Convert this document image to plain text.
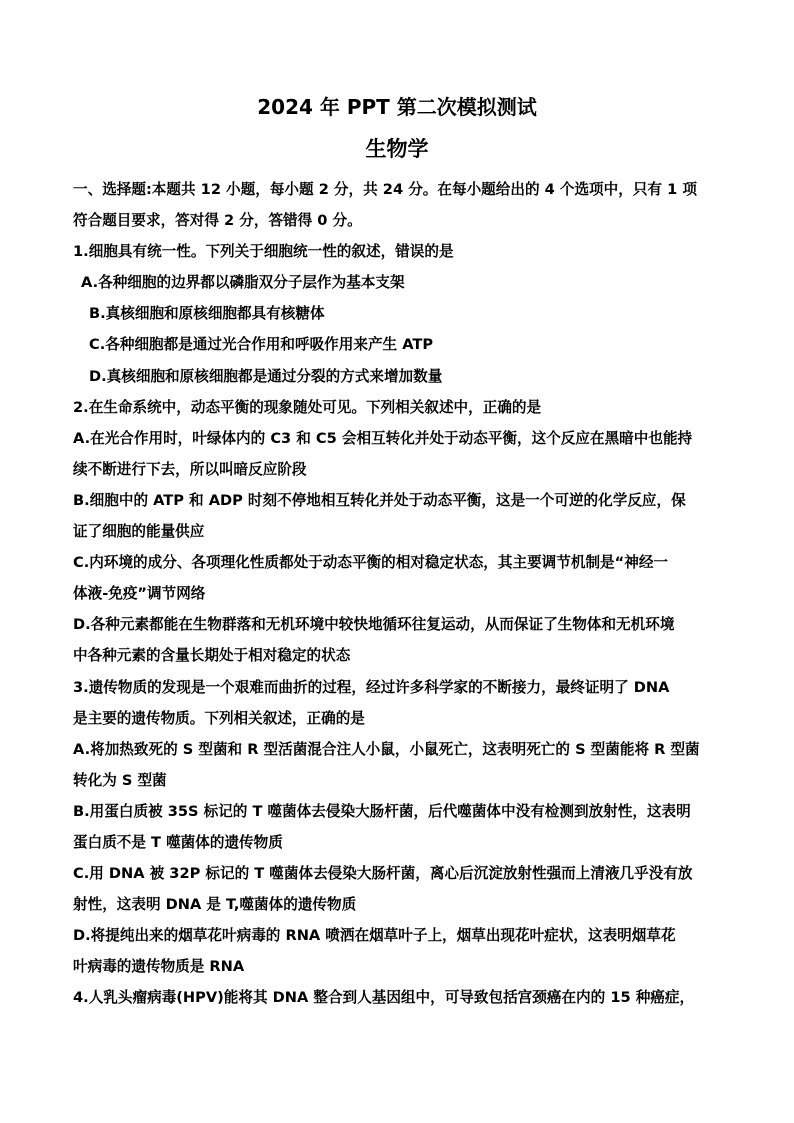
2024 年 PPT 第二次模拟测试
生物学

一、选择题:本题共 12 小题，每小题 2 分，共 24 分。在每小题给出的 4 个选项中，只有 1 项

符合题目要求，答对得 2 分，答错得 0 分。

1.细胞具有统一性。下列关于细胞统一性的叙述，错误的是

A.各种细胞的边界都以磷脂双分子层作为基本支架

B.真核细胞和原核细胞都具有核糖体

C.各种细胞都是通过光合作用和呼吸作用来产生 ATP

D.真核细胞和原核细胞都是通过分裂的方式来增加数量

2.在生命系统中，动态平衡的现象随处可见。下列相关叙述中，正确的是

A.在光合作用时，叶绿体内的 C3 和 C5 会相互转化并处于动态平衡，这个反应在黑暗中也能持

续不断进行下去，所以叫暗反应阶段

B.细胞中的 ATP 和 ADP 时刻不停地相互转化并处于动态平衡，这是一个可逆的化学反应，保

证了细胞的能量供应

C.内环境的成分、各项理化性质都处于动态平衡的相对稳定状态，其主要调节机制是“神经一

体液-免疫”调节网络

D.各种元素都能在生物群落和无机环境中较快地循环往复运动，从而保证了生物体和无机环境

中各种元素的含量长期处于相对稳定的状态

3.遗传物质的发现是一个艰难而曲折的过程，经过许多科学家的不断接力，最终证明了 DNA

是主要的遗传物质。下列相关叙述，正确的是

A.将加热致死的 S 型菌和 R 型活菌混合注人小鼠，小鼠死亡，这表明死亡的 S 型菌能将 R 型菌

转化为 S 型菌

B.用蛋白质被 35S 标记的 T 噬菌体去侵染大肠杆菌，后代噬菌体中没有检测到放射性，这表明

蛋白质不是 T 噬菌体的遗传物质

C.用 DNA 被 32P 标记的 T 噬菌体去侵染大肠杆菌，离心后沉淀放射性强而上清液几乎没有放

射性，这表明 DNA 是 T,噬菌体的遗传物质

D.将提纯出来的烟草花叶病毒的 RNA 喷洒在烟草叶子上，烟草出现花叶症状，这表明烟草花

叶病毒的遗传物质是 RNA

4.人乳头瘤病毒(HPV)能将其 DNA 整合到人基因组中，可导致包括宫颈癌在内的 15 种癌症，
